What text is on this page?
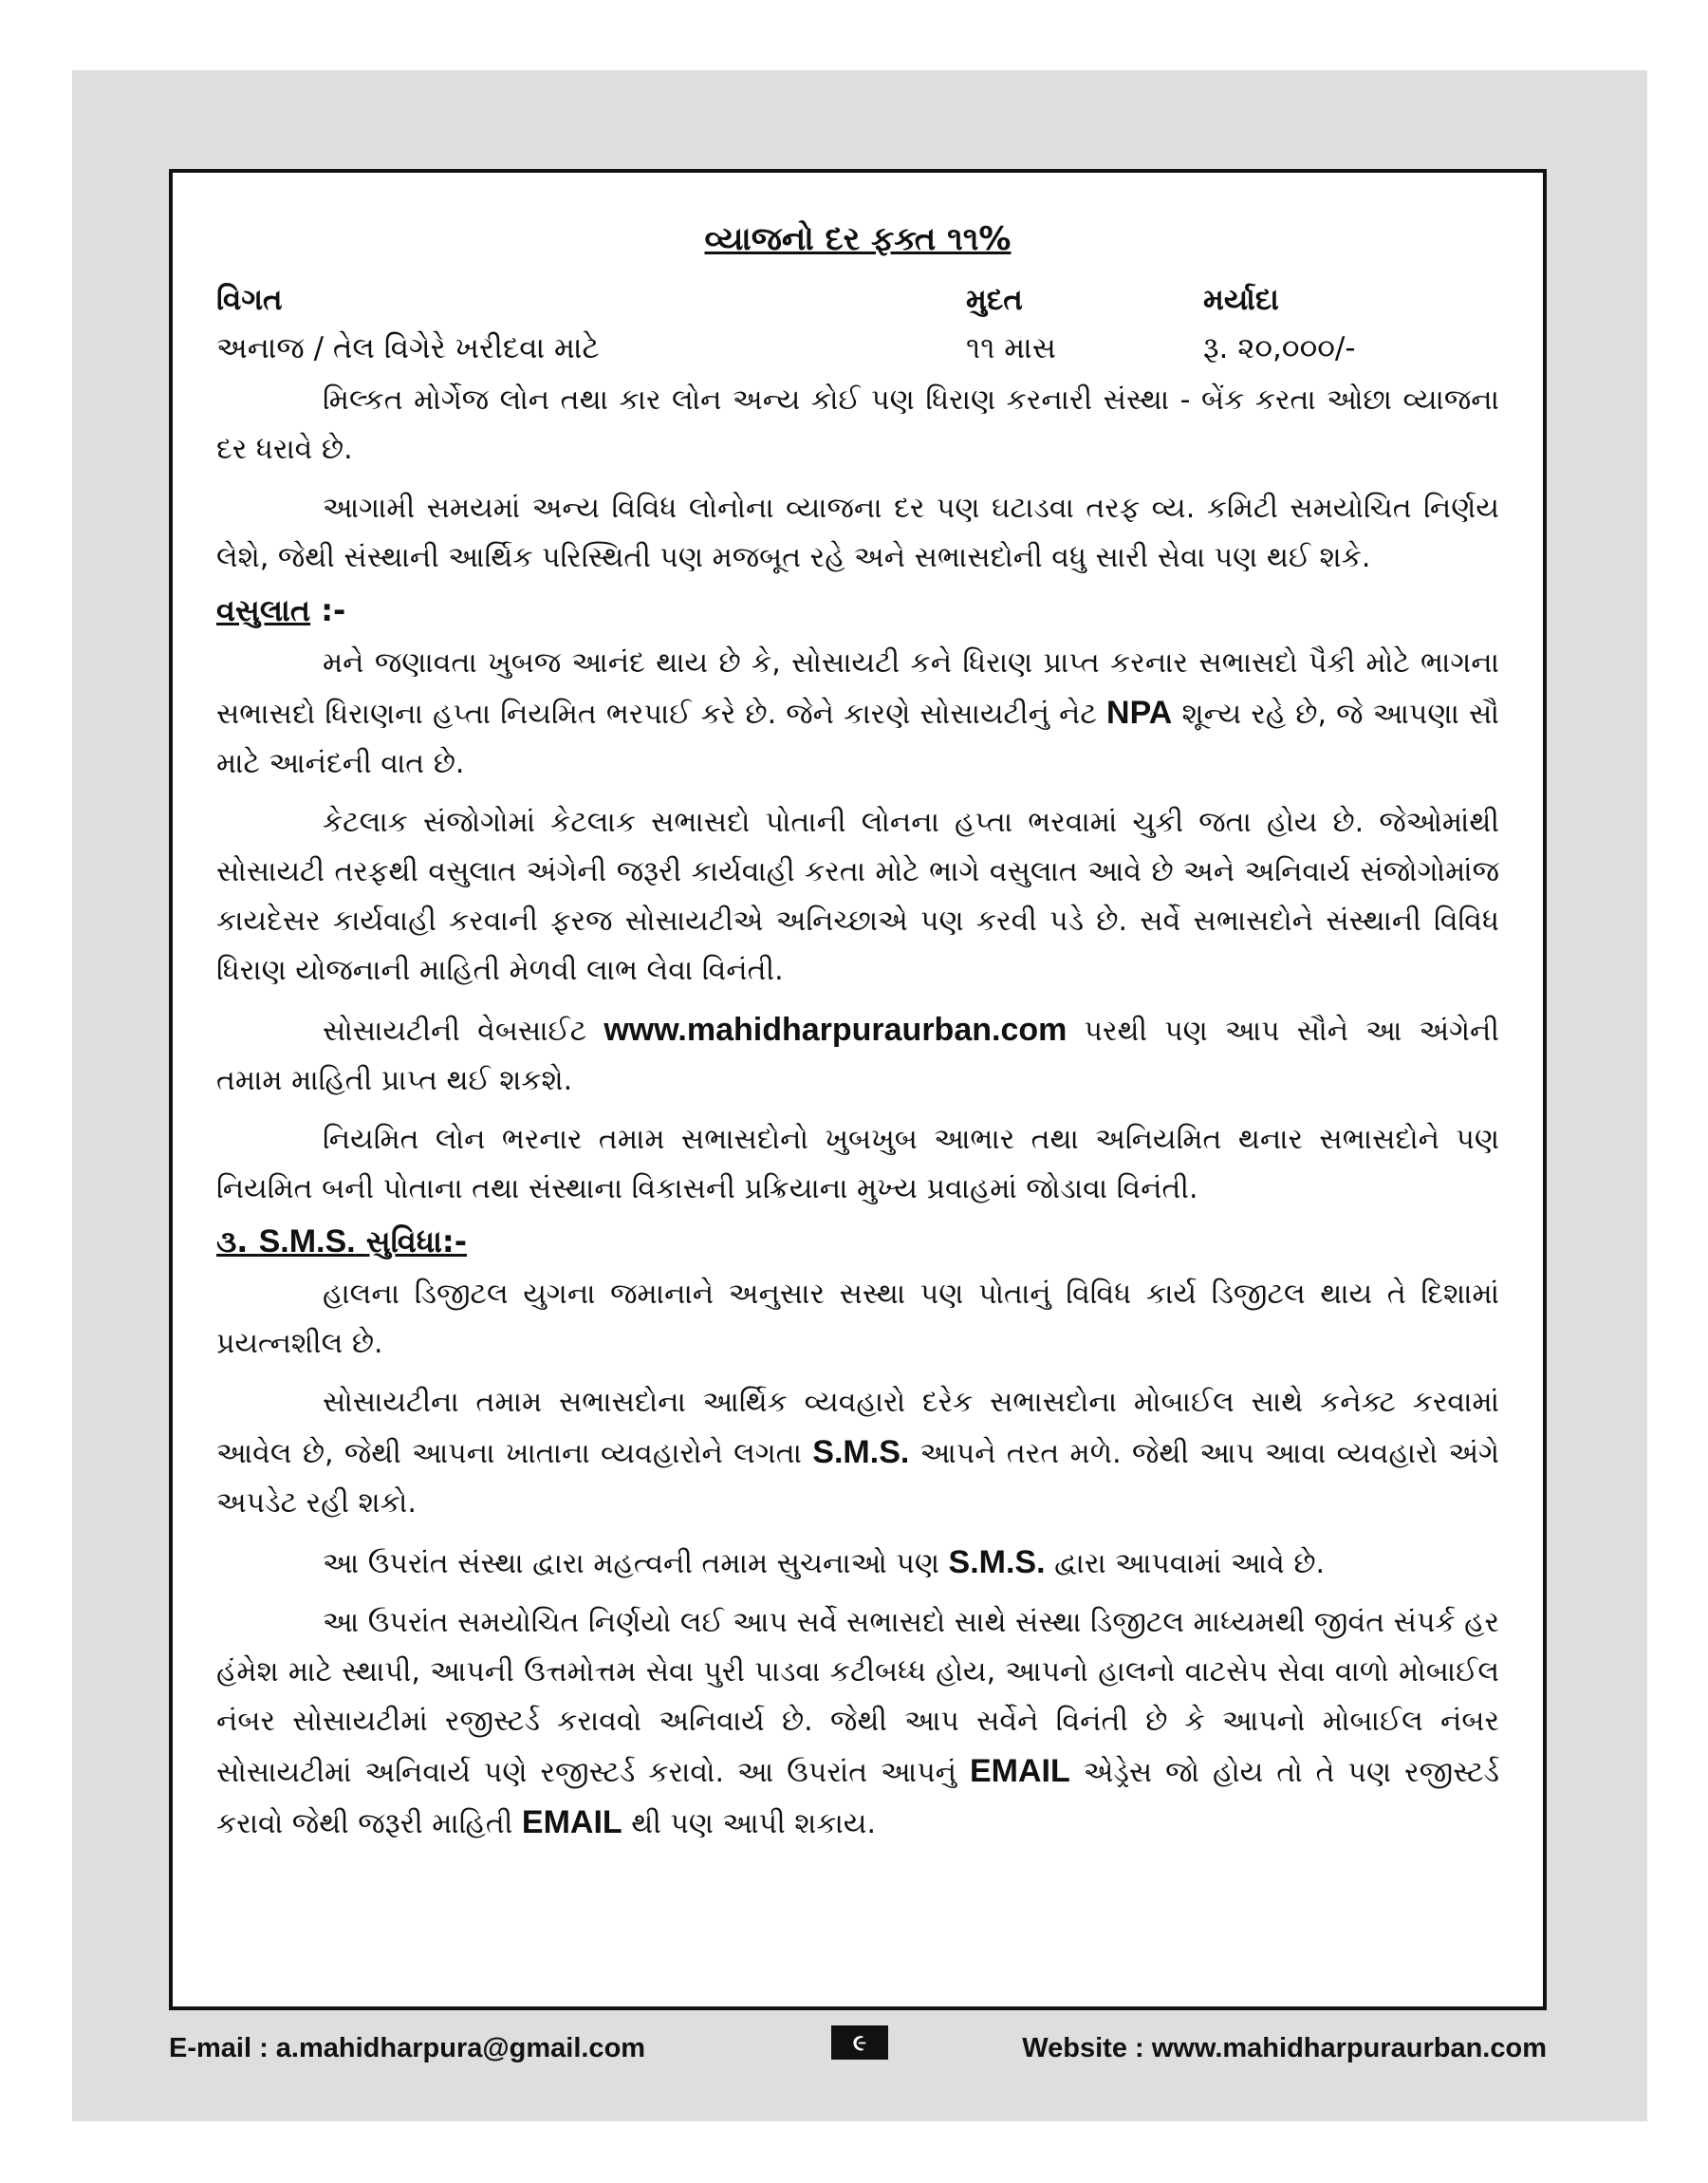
વ્યાજનો દર ફક્ત ૧૧%
વિગત	મુદત	મર્યાદા
અનાજ / તેલ વિગેરે ખરીદવા માટે	૧૧ માસ	રૂ. ૨૦,૦૦૦/-

મિલ્કત મોર્ગેજ લોન તથા કાર લોન અન્ય કોઈ પણ ધિરાણ કરનારી સંસ્થા - બેંક કરતા ઓછા વ્યાજના દર ધરાવે છે.

આગામી સમયમાં અન્ય વિવિધ લોનોના વ્યાજના દર પણ ઘટાડવા તરફ વ્ય. કમિટી સમયોચિત નિર્ણય લેશે, જેથી સંસ્થાની આર્થિક પરિસ્થિતી પણ મજબૂત રહે અને સભાસદોની વધુ સારી સેવા પણ થઈ શકે.

વસુલાત :-

મને જણાવતા ખુબજ આનંદ થાય છે કે, સોસાયટી કને ધિરાણ પ્રાપ્ત કરનાર સભાસદો પૈકી મોટે ભાગના સભાસદો ધિરાણના હપ્તા નિયમિત ભરપાઈ કરે છે. જેને કારણે સોસાયટીનું નેટ NPA શૂન્ય રહે છે, જે આપણા સૌ માટે આનંદની વાત છે.

કેટલાક સંજોગોમાં કેટલાક સભાસદો પોતાની લોનના હપ્તા ભરવામાં ચુકી જતા હોય છે. જેઓમાંથી સોસાયટી તરફથી વસુલાત અંગેની જરૂરી કાર્યવાહી કરતા મોટે ભાગે વસુલાત આવે છે અને અનિવાર્ય સંજોગોમાંજ કાયદેસર કાર્યવાહી કરવાની ફરજ સોસાયટીએ અનિચ્છાએ પણ કરવી પડે છે. સર્વે સભાસદોને સંસ્થાની વિવિધ ધિરાણ યોજનાની માહિતી મેળવી લાભ લેવા વિનંતી.

સોસાયટીની વેબસાઈટ www.mahidharpuraurban.com પરથી પણ આપ સૌને આ અંગેની તમામ માહિતી પ્રાપ્ત થઈ શકશે.

નિયમિત લોન ભરનાર તમામ સભાસદોનો ખુબખુબ આભાર તથા અનિયમિત થનાર સભાસદોને પણ નિયમિત બની પોતાના તથા સંસ્થાના વિકાસની પ્રક્રિયાના મુખ્ય પ્રવાહમાં જોડાવા વિનંતી.

૩. S.M.S. સુવિધા:-

હાલના ડિજીટલ યુગના જમાનાને અનુસાર સસ્થા પણ પોતાનું વિવિધ કાર્ય ડિજીટલ થાય તે દિશામાં પ્રયત્નશીલ છે.

સોસાયટીના તમામ સભાસદોના આર્થિક વ્યવહારો દરેક સભાસદોના મોબાઈલ સાથે કનેક્ટ કરવામાં આવેલ છે, જેથી આપના ખાતાના વ્યવહારોને લગતા S.M.S. આપને તરત મળે. જેથી આપ આવા વ્યવહારો અંગે અપડેટ રહી શકો.

આ ઉપરાંત સંસ્થા દ્વારા મહત્વની તમામ સુચનાઓ પણ S.M.S. દ્વારા આપવામાં આવે છે.

આ ઉપરાંત સમયોચિત નિર્ણયો લઈ આપ સર્વે સભાસદો સાથે સંસ્થા ડિજીટલ માધ્યમથી જીવંત સંપર્ક હર હંમેશ માટે સ્થાપી, આપની ઉત્તમોત્તમ સેવા પુરી પાડવા કટીબધ્ધ હોય, આપનો હાલનો વાટસેપ સેવા વાળો મોબાઈલ નંબર સોસાયટીમાં રજીસ્ટર્ડ કરાવવો અનિવાર્ય છે. જેથી આપ સર્વેને વિનંતી છે કે આપનો મોબાઈલ નંબર સોસાયટીમાં અનિવાર્ય પણે રજીસ્ટર્ડ કરાવો. આ ઉપરાંત આપનું EMAIL એડ્રેસ જો હોય તો તે પણ રજીસ્ટર્ડ કરાવો જેથી જરૂરી માહિતી EMAIL થી પણ આપી શકાય.

E-mail : a.mahidharpura@gmail.com	૯	Website : www.mahidharpuraurban.com
